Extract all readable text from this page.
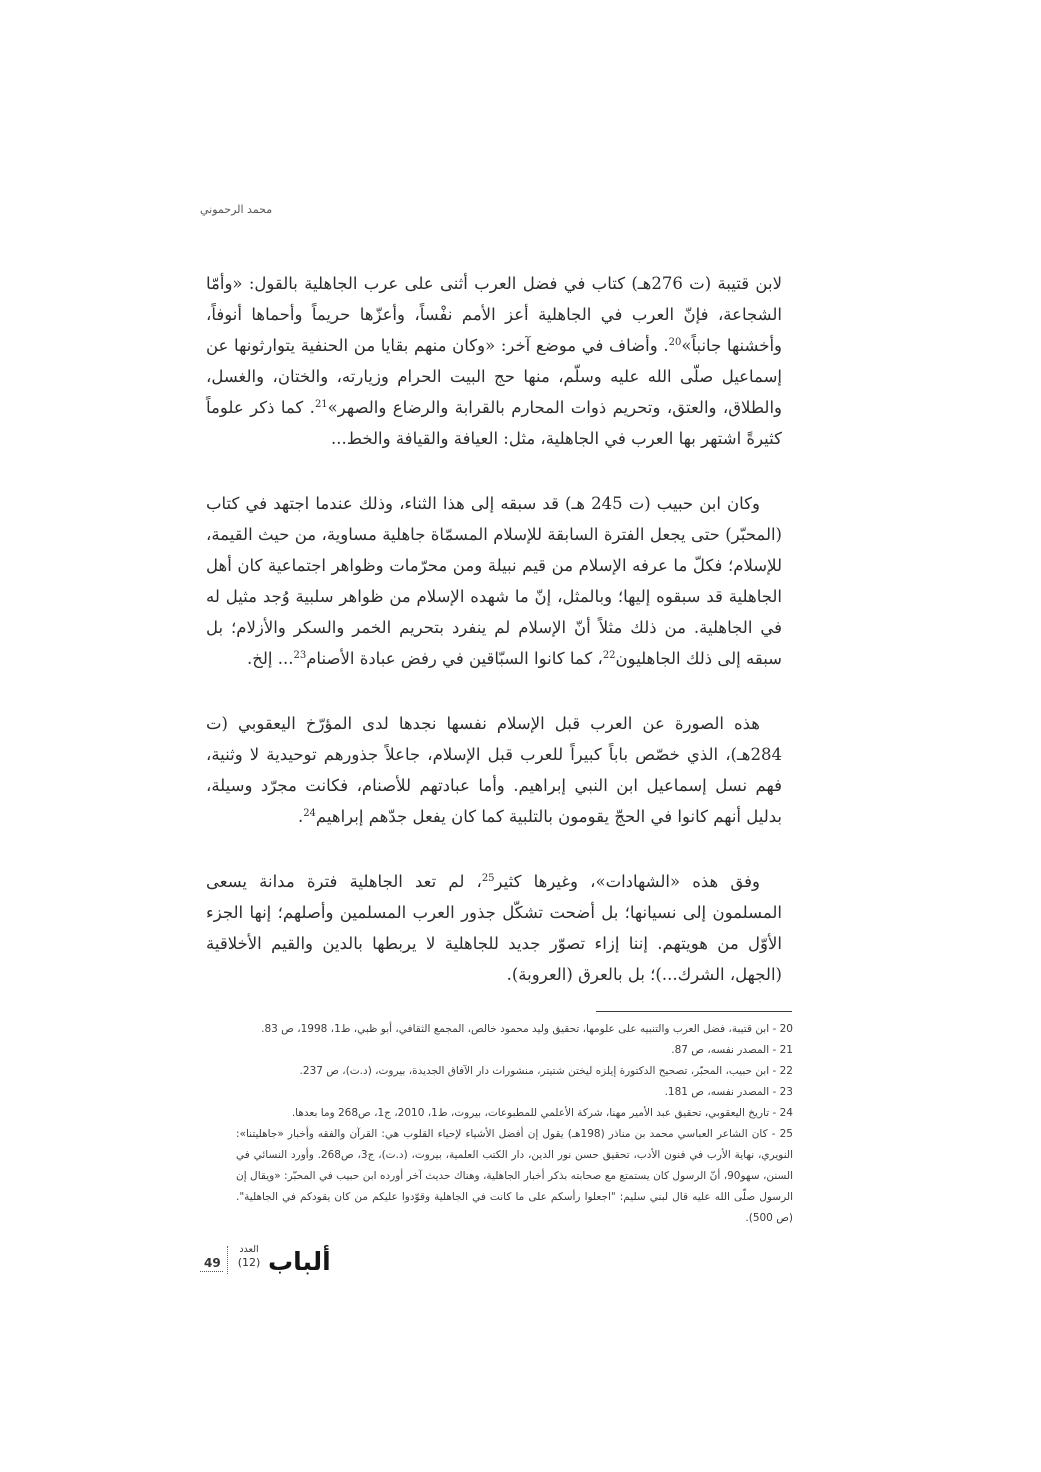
محمد الرحموني

لابن قتيبة (ت 276هـ) كتاب في فضل العرب أثنى على عرب الجاهلية بالقول: «وأمّا الشجاعة، فإنّ العرب في الجاهلية أعز الأمم نفْساً، وأعزّها حريماً وأحماها أنوفاً، وأخشنها جانباً»$^{20}$. وأضاف في موضع آخر: «وكان منهم بقايا من الحنفية يتوارثونها عن إسماعيل صلّى الله عليه وسلّم، منها حج البيت الحرام وزيارته، والختان، والغسل، والطلاق، والعتق، وتحريم ذوات المحارم بالقرابة والرضاع والصهر»$^{21}$. كما ذكر علوماً كثيرةً اشتهر بها العرب في الجاهلية، مثل: العيافة والقيافة والخط...

وكان ابن حبيب (ت 245 هـ) قد سبقه إلى هذا الثناء، وذلك عندما اجتهد في كتاب (المحبّر) حتى يجعل الفترة السابقة للإسلام المسمّاة جاهلية مساوية، من حيث القيمة، للإسلام؛ فكلّ ما عرفه الإسلام من قيم نبيلة ومن محرّمات وظواهر اجتماعية كان أهل الجاهلية قد سبقوه إليها؛ وبالمثل، إنّ ما شهده الإسلام من ظواهر سلبية وُجد مثيل له في الجاهلية. من ذلك مثلاً أنّ الإسلام لم ينفرد بتحريم الخمر والسكر والأزلام؛ بل سبقه إلى ذلك الجاهليون$^{22}$، كما كانوا السبّاقين في رفض عبادة الأصنام$^{23}$... إلخ.

هذه الصورة عن العرب قبل الإسلام نفسها نجدها لدى المؤرّخ اليعقوبي (ت 284هـ)، الذي خصّص باباً كبيراً للعرب قبل الإسلام، جاعلاً جذورهم توحيدية لا وثنية، فهم نسل إسماعيل ابن النبي إبراهيم. وأما عبادتهم للأصنام، فكانت مجرّد وسيلة، بدليل أنهم كانوا في الحجّ يقومون بالتلبية كما كان يفعل جدّهم إبراهيم$^{24}$.

وفق هذه «الشهادات»، وغيرها كثير$^{25}$، لم تعد الجاهلية فترة مدانة يسعى المسلمون إلى نسيانها؛ بل أضحت تشكّل جذور العرب المسلمين وأصلهم؛ إنها الجزء الأوّل من هويتهم. إننا إزاء تصوّر جديد للجاهلية لا يربطها بالدين والقيم الأخلاقية (الجهل، الشرك...)؛ بل بالعرق (العروبة).

20 - ابن قتيبة، فضل العرب والتنبيه على علومها، تحقيق وليد محمود خالص، المجمع الثقافي، أبو ظبي، ط1، 1998، ص 83.

21 - المصدر نفسه، ص 87.

22 - ابن حبيب، المحبّر، تصحيح الدكتورة إيلزه ليختن شتيتر، منشورات دار الآفاق الجديدة، بيروت، (د.ت)، ص 237.

23 - المصدر نفسه، ص 181.

24 - تاريخ اليعقوبي، تحقيق عبد الأمير مهنا، شركة الأعلمي للمطبوعات، بيروت، ط1، 2010، ج1، ص268 وما بعدها.

25 - كان الشاعر العباسي محمد بن مناذر (198هـ) يقول إن أفضل الأشياء لإحياء القلوب هي: القرآن والفقه وأخبار «جاهليتنا»: النويري، نهاية الأرب في فنون الأدب، تحقيق حسن نور الدين، دار الكتب العلمية، بيروت، (د.ت)، ج3، ص268. وأورد النسائي في السنن، سهو90، أنّ الرسول كان يستمتع مع صحابته بذكر أخبار الجاهلية، وهناك حديث آخر أورده ابن حبيب في المحبّر: «ويقال إن الرسول صلّى الله عليه قال لبني سليم: "اجعلوا رأسكم على ما كانت في الجاهلية وقوّدوا عليكم من كان يقودكم في الجاهلية". (ص 500).

49
العدد
(12) ألباب
